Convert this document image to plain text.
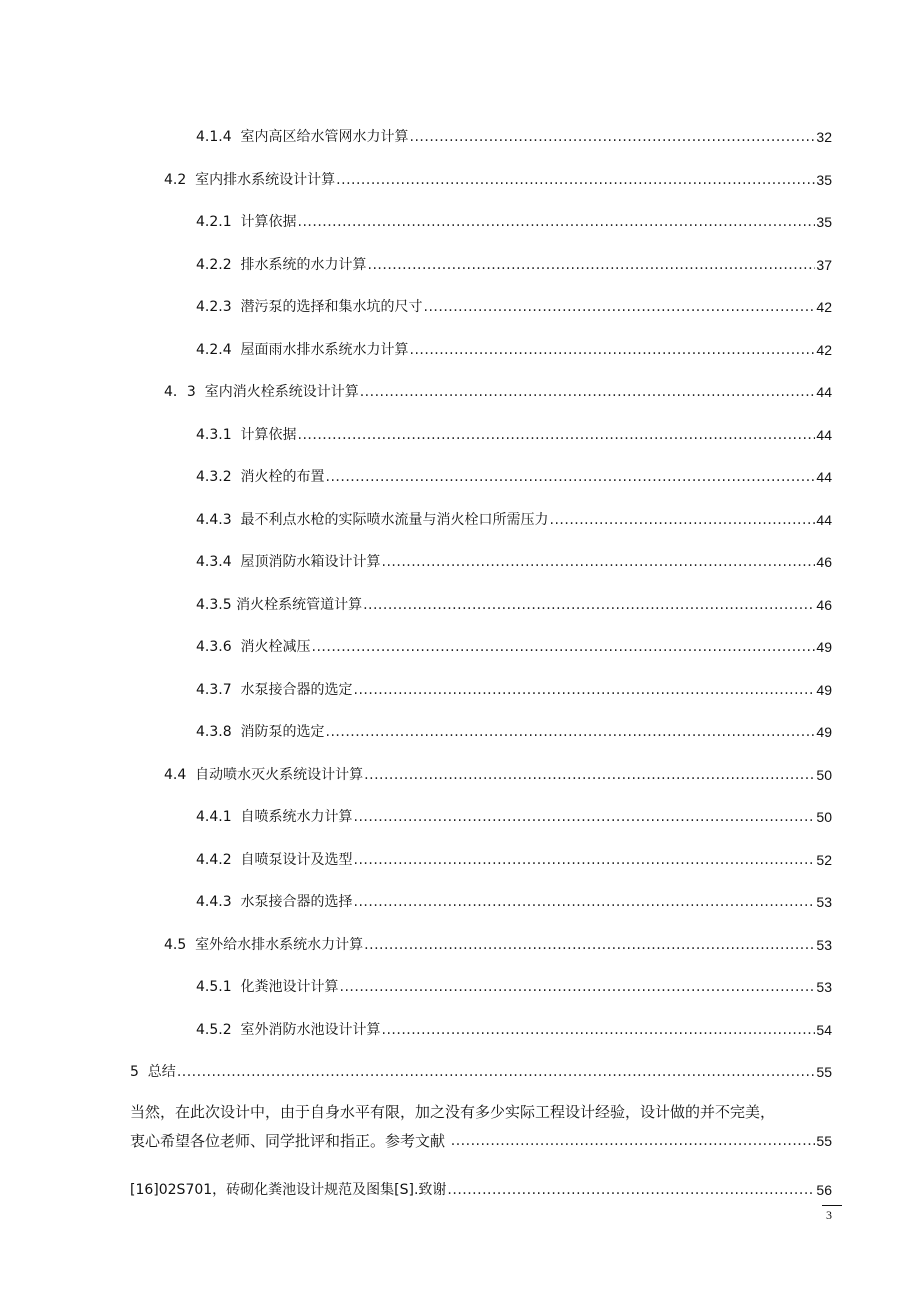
4.1.4  室内高区给水管网水力计算 .....	32
4.2  室内排水系统设计计算 .....	35
4.2.1  计算依据 .....	35
4.2.2  排水系统的水力计算 .....	37
4.2.3  潜污泵的选择和集水坑的尺寸 .....	42
4.2.4  屋面雨水排水系统水力计算 .....	42
4．3  室内消火栓系统设计计算 .....	44
4.3.1  计算依据 .....	44
4.3.2  消火栓的布置 .....	44
4.4.3  最不利点水枪的实际喷水流量与消火栓口所需压力 .....	44
4.3.4  屋顶消防水箱设计计算 .....	46
4.3.5 消火栓系统管道计算 .....	46
4.3.6  消火栓减压 .....	49
4.3.7  水泵接合器的选定 .....	49
4.3.8  消防泵的选定 .....	49
4.4  自动喷水灭火系统设计计算 .....	50
4.4.1  自喷系统水力计算 .....	50
4.4.2  自喷泵设计及选型 .....	52
4.4.3  水泵接合器的选择 .....	53
4.5  室外给水排水系统水力计算 .....	53
4.5.1  化粪池设计计算 .....	53
4.5.2  室外消防水池设计计算 .....	54
5  总结 .....	55
当然，在此次设计中，由于自身水平有限，加之没有多少实际工程设计经验，设计做的并不完美，
衷心希望各位老师、同学批评和指正。参考文献 .....	55
[16]02S701，砖砌化粪池设计规范及图集[S].致谢 .....	56
3
